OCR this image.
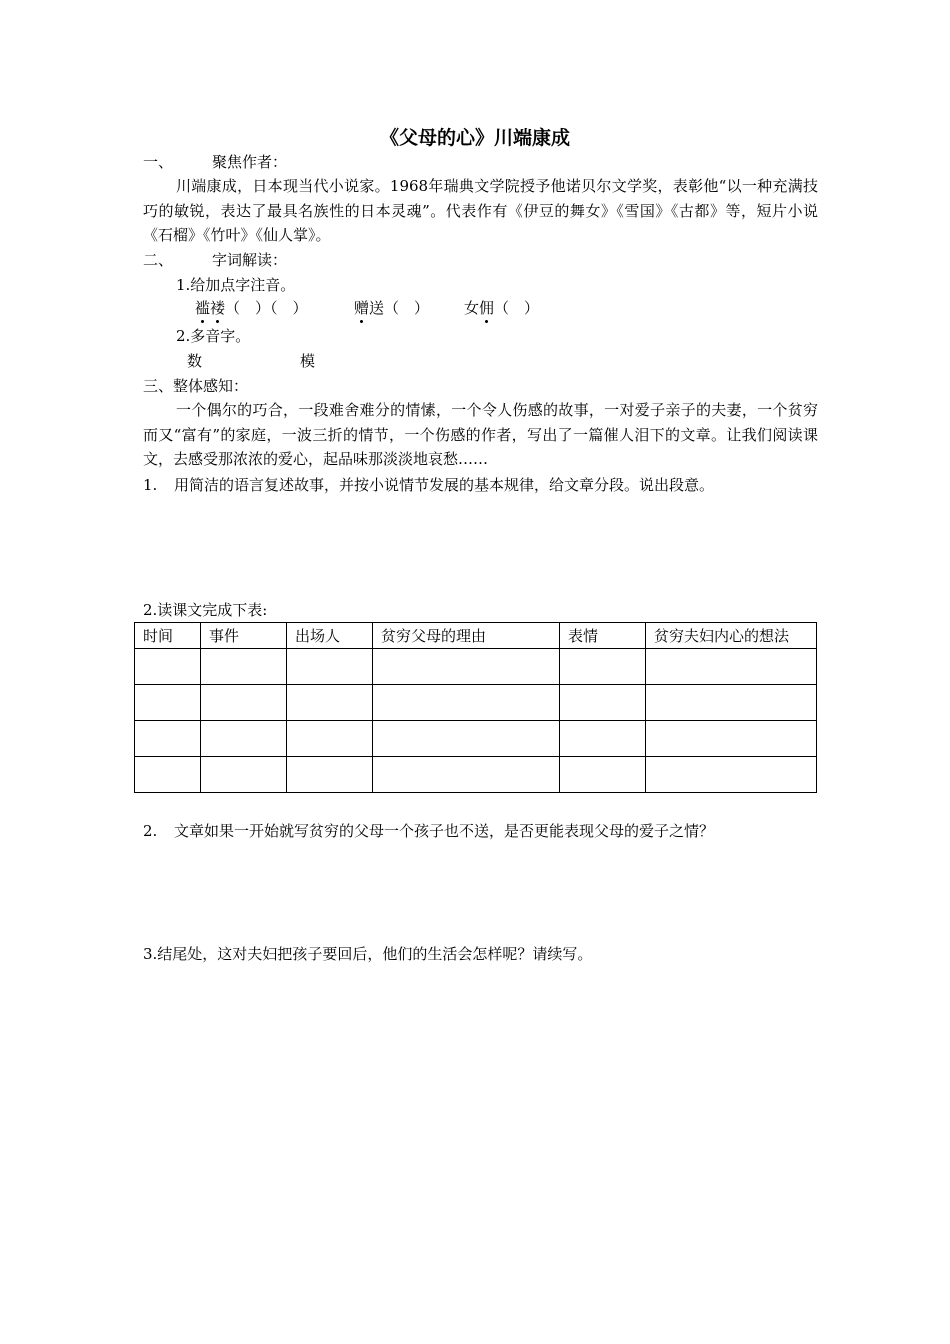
《父母的心》川端康成
一、	聚焦作者：
川端康成，日本现当代小说家。1968年瑞典文学院授予他诺贝尔文学奖，表彰他“以一种充满技巧的敏锐，表达了最具名族性的日本灵魂”。代表作有《伊豆的舞女》《雪国》《古都》等，短片小说《石榴》《竹叶》《仙人掌》。
二、	字词解读：
1.给加点字注音。
褴褛（　）（　）	赠送（　） 女佣（　）
2.多音字。
数	模
三、整体感知：
一个偶尔的巧合，一段难舍难分的情愫，一个令人伤感的故事，一对爱子亲子的夫妻，一个贫穷而又“富有”的家庭，一波三折的情节，一个伤感的作者，写出了一篇催人泪下的文章。让我们阅读课文，去感受那浓浓的爱心，起品味那淡淡地哀愁……
1. 用简洁的语言复述故事，并按小说情节发展的基本规律，给文章分段。说出段意。
2.读课文完成下表:
时间	事件	出场人	贫穷父母的理由	表情	贫穷夫妇内心的想法

2. 文章如果一开始就写贫穷的父母一个孩子也不送，是否更能表现父母的爱子之情？
3.结尾处，这对夫妇把孩子要回后，他们的生活会怎样呢？请续写。
